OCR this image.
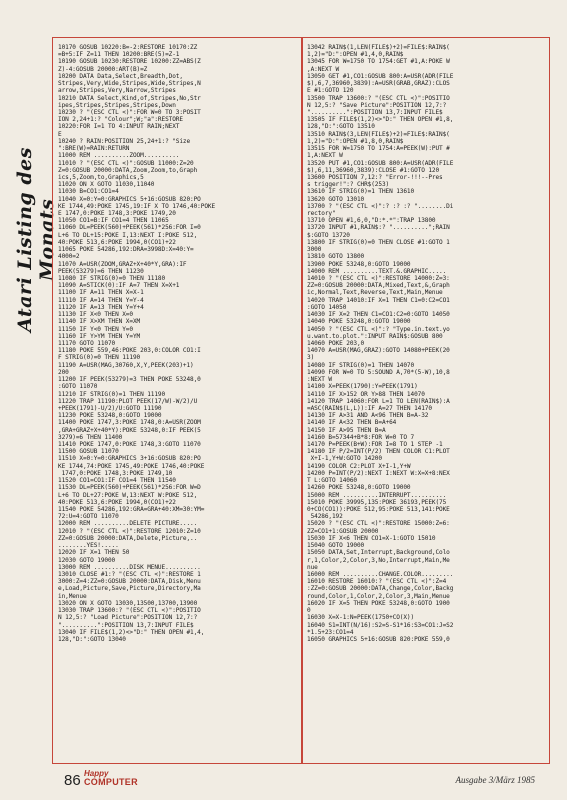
Atari Listing des Monats
10170 GOSUB 10220:B=-2:RESTORE 10170:ZZ
=B+5:IF Z=11 THEN 10200:BRE(5)=Z-1
10190 GOSUB 10230:RESTORE 10200:ZZ=ABS(Z
Z)-4:GOSUB 20000:ART(B)=Z
10200 DATA Data,Select,Breadth,Dot,
Stripes,Very,Wide,Stripes,Wide,Stripes,N
arrow,Stripes,Very,Narrow,Stripes
10210 DATA Select,Kind,of,Stripes,No,Str
ipes,Stripes,Stripes,Stripes,Down
10230 ? "(ESC CTL <)":FOR W=0 TO 3:POSIT
ION 2,24+1:? "Colour";W;"a":RESTORE
10220:FOR I=1 TO 4:INPUT RAIN;NEXT
E
10240 ? RAIN:POSITION 25,24+1:? "Size
":BRE(W)=RAIN:RETURN
11000 REM ..........ZOOM..........
11010 ? "(ESC CTL <)":GOSUB 11000:Z=20
Z=0:GOSUB 20000:DATA,Zoom,Zoom,to,Graph
ics,5,Zoom,to,Graphics,5
11020 ON X GOTO 11030,11040
11030 B=CO1:CO1=4
11040 X=0:Y=0:GRAPHICS 5+16:GOSUB 820:PO
KE 1744,49:POKE 1745,19:IF X TO 1746,40:POKE
E 1747,0:POKE 1748,3:POKE 1749,20
11050 CO1=B:IF CO1=4 THEN 11065
11060 DL=PEEK(560)+PEEK(561)*256:FOR I=0
L+6 TO DL+15:POKE I,13:NEXT I:POKE 512,
40:POKE 513,6:POKE 1994,0(CO1)+22
11065 POKE 54286,192:DRA=3998D:X=40:Y=
4000=2
11070 A=USR(ZOOM,GRAZ+X+40*Y,GRA):IF
PEEK(53279)=6 THEN 11230
11080 IF STRIG(0)=0 THEN 11180
11090 A=STICK(0):IF A=7 THEN X=X+1
11100 IF A=11 THEN X=X-1
11110 IF A=14 THEN Y=Y-4
11120 IF A=13 THEN Y=Y+4
11130 IF X<0 THEN X=0
11140 IF X>XM THEN X=XM
11150 IF Y<0 THEN Y=0
11160 IF Y>YM THEN Y=YM
11170 GOTO 11070
11180 POKE 559,46:POKE 203,0:COLOR CO1:I
F STRIG(0)=0 THEN 11190
11190 A=USR(MAG,30760,X,Y,PEEK(203)+1)
200
11200 IF PEEK(53279)=3 THEN POKE 53248,0
:GOTO 11070
11210 IF STRIG(0)=1 THEN 11190
11220 TRAP 11190:PLOT PEEK(17/W)-W/2)/U
+PEEK(1791)-U/2)/U:GOTO 11190
11230 POKE 53248,0:GOTO 19000
11400 POKE 1747,3:POKE 1748,0:A=USR(ZOOM
,GRA+GRAZ+X+40*Y):POKE 53248,0:IF PEEK(5
3279)=6 THEN 11400
11410 POKE 1747,0:POKE 1748,3:GOTO 11070
11500 GOSUB 11070
11510 X=0:Y=0:GRAPHICS 3+16:GOSUB 820:PO
KE 1744,74:POKE 1745,49:POKE 1746,40:POKE
1747,0:POKE 1748,3:POKE 1749,10
11520 CO1=CO1:IF CO1=4 THEN 11540
11530 DL=PEEK(560)+PEEK(561)*256:FOR W=D
L+6 TO DL+27:POKE W,13:NEXT W:POKE 512,
40:POKE 513,6:POKE 1994,0(CO1)+22
11540 POKE 54286,192:GRA=GRA+40:XM=30:YM=
72:U=4:GOTO 11070
12000 REM ..........DELETE PICTURE.....
12010 ? "(ESC CTL <)":RESTORE 12010:Z=10
ZZ=0:GOSUB 20000:DATA,Delete,Picture,..
........YES!.....
12020 IF X=1 THEN 50
12030 GOTO 19000
13000 REM ..........DISK MENUE..........
13010 CLOSE #1:? "(ESC CTL <)":RESTORE 1
3000:Z=4:ZZ=0:GOSUB 20000:DATA,Disk,Menu
e,Load,Picture,Save,Picture,Directory,Ma
in,Menue
13020 ON X GOTO 13030,13500,13700,13900
13030 TRAP 13600:? "(ESC CTL <)":POSITIO
N 12,5:? "Load Picture":POSITION 12,7:?
"..........":POSITION 13,7:INPUT FILE$
13040 IF FILE$(1,2)<>"D:" THEN OPEN #1,4,
128,"D:":GOTO 13040
13042 RAIN$(1,LEN(FILE$)+2)=FILE$:RAIN$(
1,2)="D:":OPEN #1,4,0,RAIN$
13045 FOR W=1750 TO 1754:GET #1,A:POKE W
,A:NEXT W
13050 GET #1,CO1:GOSUB 800:A=USR(ADR(FILE
$),6,7,36960,3839):A=USR(GRAB,GRAZ):CLOS
E #1:GOTO 120
13500 TRAP 13600:? "(ESC CTL <)":POSITIO
N 12,5:? "Save Picture":POSITION 12,7:?
"..........":POSITION 13,7:INPUT FILE$
13505 IF FILE$(1,2)<>"D:" THEN OPEN #1,8,
128,"D:":GOTO 13510
13510 RAIN$(3,LEN(FILE$)+2)=FILE$:RAIN$(
1,2)="D:":OPEN #1,8,0,RAIN$
13515 FOR W=1750 TO 1754:A=PEEK(W):PUT #
1,A:NEXT W
13520 PUT #1,CO1:GOSUB 800:A=USR(ADR(FILE
$),6,11,36960,3839):CLOSE #1:GOTO 120
13600 POSITION 7,12:? "Error-!!!--Pres
s trigger!":? CHR$(253)
13610 IF STRIG(0)=1 THEN 13610
13620 GOTO 13010
13700 ? "(ESC CTL <)":? :? :? "........Di
rectory"
13710 OPEN #1,6,0,"D:*.*":TRAP 13800
13720 INPUT #1,RAIN$:? "..........";RAIN
$:GOTO 13720
13800 IF STRIG(0)=0 THEN CLOSE #1:GOTO 1
3000
13810 GOTO 13800
13900 POKE 53248,0:GOTO 19000
14000 REM ..........TEXT.&.GRAPHIC.....
14010 ? "(ESC CTL <)":RESTORE 14000:Z=3:
ZZ=0:GOSUB 20000:DATA,Mixed,Text,&,Graph
ic,Normal,Text,Reverse,Text,Main,Menue
14020 TRAP 14010:IF X=1 THEN C1=0:C2=CO1
:GOTO 14050
14030 IF X=2 THEN C1=CO1:C2=0:GOTO 14050
14040 POKE 53248,0:GOTO 19000
14050 ? "(ESC CTL <)":? "Type.in.text.yo
u.want.to.plot.":INPUT RAIN$:GOSUB 800
14060 POKE 203,0
14070 A=USR(MAG,GRAZ):GOTO 14080+PEEK(20
3)
14080 IF STRIG(0)=1 THEN 14070
14090 FOR W=0 TO 5:SOUND A,70*(5-W),10,8
:NEXT W
14100 X=PEEK(1790):Y=PEEK(1791)
14110 IF X>152 OR Y>88 THEN 14070
14120 TRAP 14060:FOR L=1 TO LEN(RAIN$):A
=ASC(RAIN$(L,L)):IF A=27 THEN 14170
14130 IF A>31 AND A<96 THEN B=A-32
14140 IF A<32 THEN B=A+64
14150 IF A>95 THEN B=A
14160 B=57344+B*8:FOR W=0 TO 7
14170 P=PEEK(B+W):FOR I=8 TO 1 STEP -1
14180 IF P/2=INT(P/2) THEN COLOR C1:PLOT
X+I-1,Y+W:GOTO 14200
14190 COLOR C2:PLOT X+I-1,Y+W
14200 P=INT(P/2):NEXT I:NEXT W:X=X+8:NEX
T L:GOTO 14060
14260 POKE 53248,0:GOTO 19000
15000 REM ..........INTERRUPT..........
15010 POKE 39995,135:POKE 36193,PEEK(75
0+CO(CO1)):POKE 512,95:POKE 513,141:POKE
54286,192
15020 ? "(ESC CTL <)":RESTORE 15000:Z=6:
ZZ=CO1+1:GOSUB 20000
15030 IF X<6 THEN CO1=X-1:GOTO 15010
15040 GOTO 19000
15050 DATA,Set,Interrupt,Background,Colo
r,1,Color,2,Color,3,No,Interrupt,Main,Me
nue
16000 REM ..........CHANGE.COLOR.........
16010 RESTORE 16010:? "(ESC CTL <)":Z=4
:ZZ=0:GOSUB 20000:DATA,Change,Color,Backg
round,Color,1,Color,2,Color,3,Main,Menue
16020 IF X=5 THEN POKE 53248,0:GOTO 1900
0
16030 X=X-1:N=PEEK(1750+CO(X))
16040 S1=INT(N/16):S2=S-S1*16:S3=CO1:J=S2
*1.5+23:CO1=4
16050 GRAPHICS 5+16:GOSUB 820:POKE 559,0
86 Happy
COMPUTER	Ausgabe 3/März 1985
